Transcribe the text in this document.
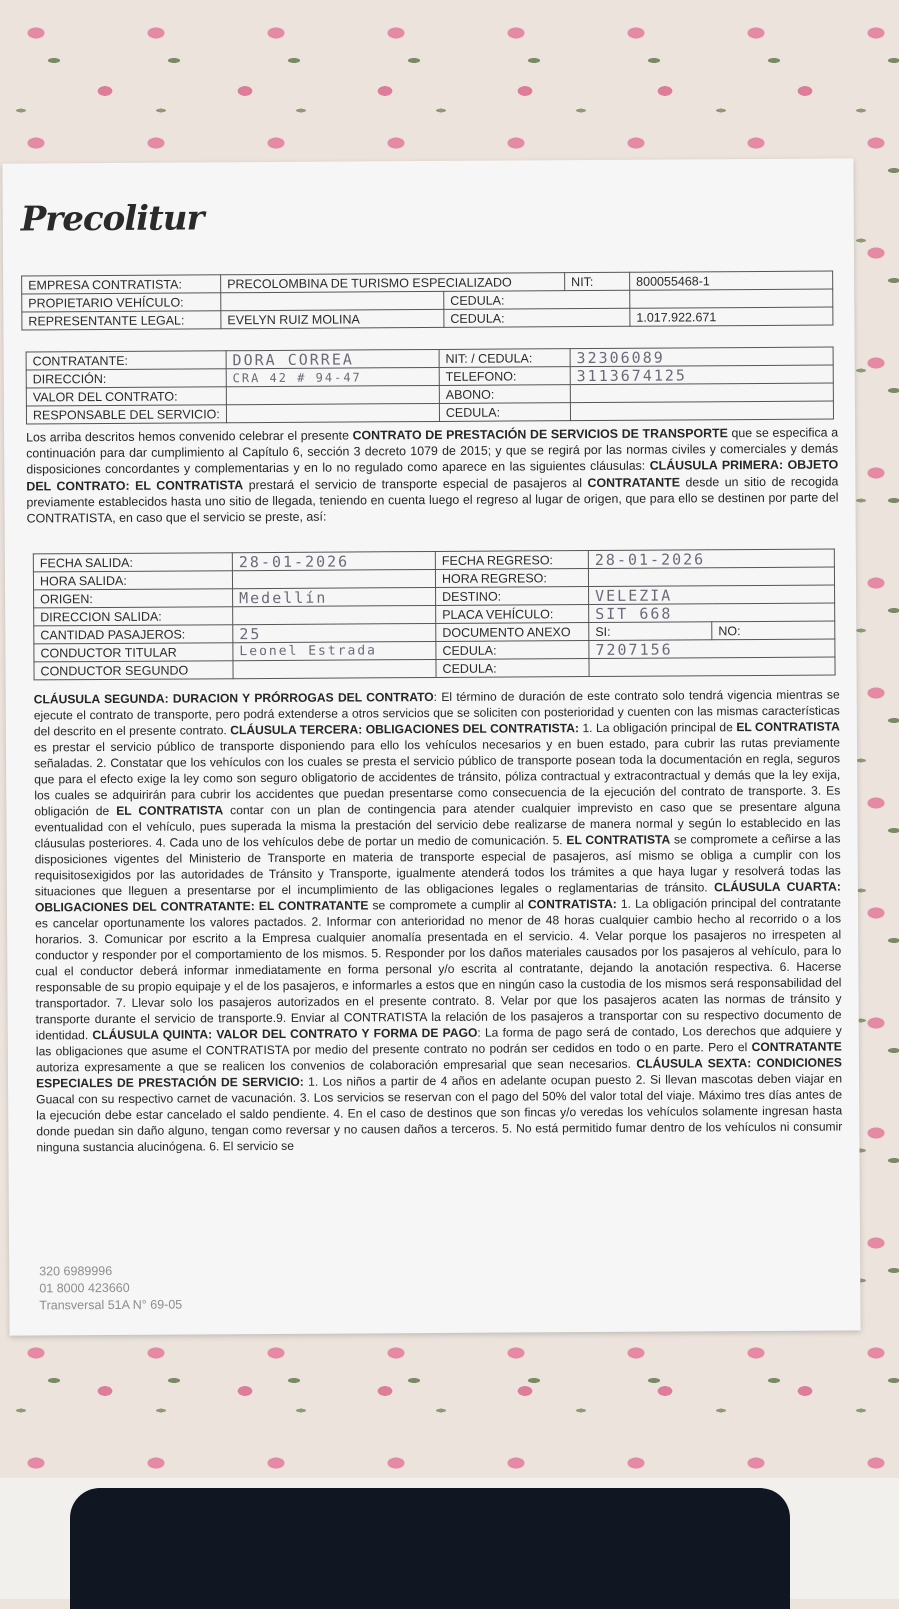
Precolitur
EMPRESA CONTRATISTA:	PRECOLOMBINA DE TURISMO ESPECIALIZADO		NIT:	800055468-1
PROPIETARIO VEHÍCULO:		CEDULA:		
REPRESENTANTE LEGAL:	EVELYN RUIZ MOLINA	CEDULA:		1.017.922.671
CONTRATANTE:	DORA CORREA	NIT: / CEDULA:	32306089
DIRECCIÓN:	CRA 42 # 94-47	TELEFONO:	3113674125
VALOR DEL CONTRATO:		ABONO:	
RESPONSABLE DEL SERVICIO:		CEDULA:	
Los arriba descritos hemos convenido celebrar el presente CONTRATO DE PRESTACIÓN DE SERVICIOS DE TRANSPORTE que se especifica a continuación para dar cumplimiento al Capítulo 6, sección 3 decreto 1079 de 2015; y que se regirá por las normas civiles y comerciales y demás disposiciones concordantes y complementarias y en lo no regulado como aparece en las siguientes cláusulas: CLÁUSULA PRIMERA: OBJETO DEL CONTRATO: EL CONTRATISTA prestará el servicio de transporte especial de pasajeros al CONTRATANTE desde un sitio de recogida previamente establecidos hasta uno sitio de llegada, teniendo en cuenta luego el regreso al lugar de origen, que para ello se destinen por parte del CONTRATISTA, en caso que el servicio se preste, así:
FECHA SALIDA:	28-01-2026	FECHA REGRESO:	28-01-2026	
HORA SALIDA:		HORA REGRESO:		
ORIGEN:	Medellín	DESTINO:	VELEZIA	
DIRECCION SALIDA:		PLACA VEHÍCULO:	SIT 668	
CANTIDAD PASAJEROS:	25	DOCUMENTO ANEXO	SI:	NO:
CONDUCTOR TITULAR	Leonel Estrada	CEDULA:	7207156	
CONDUCTOR SEGUNDO		CEDULA:		
CLÁUSULA SEGUNDA: DURACION Y PRÓRROGAS DEL CONTRATO: El término de duración de este contrato solo tendrá vigencia mientras se ejecute el contrato de transporte, pero podrá extenderse a otros servicios que se soliciten con posterioridad y cuenten con las mismas características del descrito en el presente contrato. CLÁUSULA TERCERA: OBLIGACIONES DEL CONTRATISTA: 1. La obligación principal de EL CONTRATISTA es prestar el servicio público de transporte disponiendo para ello los vehículos necesarios y en buen estado, para cubrir las rutas previamente señaladas. 2. Constatar que los vehículos con los cuales se presta el servicio público de transporte posean toda la documentación en regla, seguros que para el efecto exige la ley como son seguro obligatorio de accidentes de tránsito, póliza contractual y extracontractual y demás que la ley exija, los cuales se adquirirán para cubrir los accidentes que puedan presentarse como consecuencia de la ejecución del contrato de transporte. 3. Es obligación de EL CONTRATISTA contar con un plan de contingencia para atender cualquier imprevisto en caso que se presentare alguna eventualidad con el vehículo, pues superada la misma la prestación del servicio debe realizarse de manera normal y según lo establecido en las cláusulas posteriores. 4. Cada uno de los vehículos debe de portar un medio de comunicación. 5. EL CONTRATISTA se compromete a ceñirse a las disposiciones vigentes del Ministerio de Transporte en materia de transporte especial de pasajeros, así mismo se obliga a cumplir con los requisitosexigidos por las autoridades de Tránsito y Transporte, igualmente atenderá todos los trámites a que haya lugar y resolverá todas las situaciones que lleguen a presentarse por el incumplimiento de las obligaciones legales o reglamentarias de tránsito. CLÁUSULA CUARTA: OBLIGACIONES DEL CONTRATANTE: EL CONTRATANTE se compromete a cumplir al CONTRATISTA: 1. La obligación principal del contratante es cancelar oportunamente los valores pactados. 2. Informar con anterioridad no menor de 48 horas cualquier cambio hecho al recorrido o a los horarios. 3. Comunicar por escrito a la Empresa cualquier anomalía presentada en el servicio. 4. Velar porque los pasajeros no irrespeten al conductor y responder por el comportamiento de los mismos. 5. Responder por los daños materiales causados por los pasajeros al vehículo, para lo cual el conductor deberá informar inmediatamente en forma personal y/o escrita al contratante, dejando la anotación respectiva. 6. Hacerse responsable de su propio equipaje y el de los pasajeros, e informarles a estos que en ningún caso la custodia de los mismos será responsabilidad del transportador. 7. Llevar solo los pasajeros autorizados en el presente contrato. 8. Velar por que los pasajeros acaten las normas de tránsito y transporte durante el servicio de transporte.9. Enviar al CONTRATISTA la relación de los pasajeros a transportar con su respectivo documento de identidad. CLÁUSULA QUINTA: VALOR DEL CONTRATO Y FORMA DE PAGO: La forma de pago será de contado, Los derechos que adquiere y las obligaciones que asume el CONTRATISTA por medio del presente contrato no podrán ser cedidos en todo o en parte. Pero el CONTRATANTE autoriza expresamente a que se realicen los convenios de colaboración empresarial que sean necesarios. CLÁUSULA SEXTA: CONDICIONES ESPECIALES DE PRESTACIÓN DE SERVICIO: 1. Los niños a partir de 4 años en adelante ocupan puesto 2. Si llevan mascotas deben viajar en Guacal con su respectivo carnet de vacunación. 3. Los servicios se reservan con el pago del 50% del valor total del viaje. Máximo tres días antes de la ejecución debe estar cancelado el saldo pendiente. 4. En el caso de destinos que son fincas y/o veredas los vehículos solamente ingresan hasta donde puedan sin daño alguno, tengan como reversar y no causen daños a terceros. 5. No está permitido fumar dentro de los vehículos ni consumir ninguna sustancia alucinógena. 6. El servicio se
320 6989996
01 8000 423660
Transversal 51A N° 69-05
